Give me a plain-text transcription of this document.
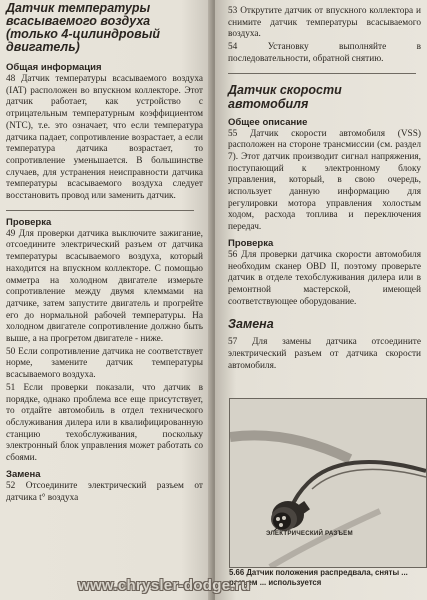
Датчик температуры всасываемого воздуха (только 4-цилиндровый двигатель)
Общая информация

48 Датчик температуры всасываемого воздуха (IAT) расположен во впускном коллекторе. Этот датчик работает, как устройство с отрицательным температурным коэффициентом (NTC), т.е. это означает, что если температура датчика падает, сопротивление возрастает, а если температура датчика возрастает, то сопротивление уменьшается. В большинстве случаев, для устранения неисправности датчика температуры всасываемого воздуха следует восстановить провод или заменить датчик.

Проверка

49 Для проверки датчика выключите зажигание, отсоедините электрический разъем от датчика температуры всасываемого воздуха, который находится на впускном коллекторе. С помощью омметра на холодном двигателе измерьте сопротивление между двумя клеммами на датчике, затем запустите двигатель и прогрейте его до нормальной рабочей температуры. На холодном двигателе сопротивление должно быть выше, а на прогретом двигателе - ниже.

50 Если сопротивление датчика не соответствует норме, замените датчик температуры всасываемого воздуха.

51 Если проверки показали, что датчик в порядке, однако проблема все еще присутствует, то отдайте автомобиль в отдел технического обслуживания дилера или в квалифицированную станцию техобслуживания, поскольку электронный блок управления может работать со сбоями.

Замена

52 Отсоедините электрический разъем от датчика t° воздуха

53 Открутите датчик от впускного коллектора и снимите датчик температуры всасываемого воздуха.

54 Установку выполняйте в последовательности, обратной снятию.

Датчик скорости автомобиля
Общее описание

55 Датчик скорости автомобиля (VSS) расположен на стороне трансмиссии (см. раздел 7). Этот датчик производит сигнал напряжения, поступающий к электронному блоку управления, который, в свою очередь, использует данную информацию для регулировки мотора управления холостым ходом, расхода топлива и переключения передач.

Проверка

56 Для проверки датчика скорости автомобиля необходим сканер OBD II, поэтому проверьте датчик в отделе техобслуживания дилера или в ремонтной мастерской, имеющей соответствующее оборудование.

Замена

57 Для замены датчика отсоедините электрический разъем от датчика скорости автомобиля.

ЭЛЕКТРИЧЕСКИЙ РАЗЪЕМ
5.66 Датчик положения распредвала, сняты ... разъем ... используется
www.chrysler-dodge.ru
